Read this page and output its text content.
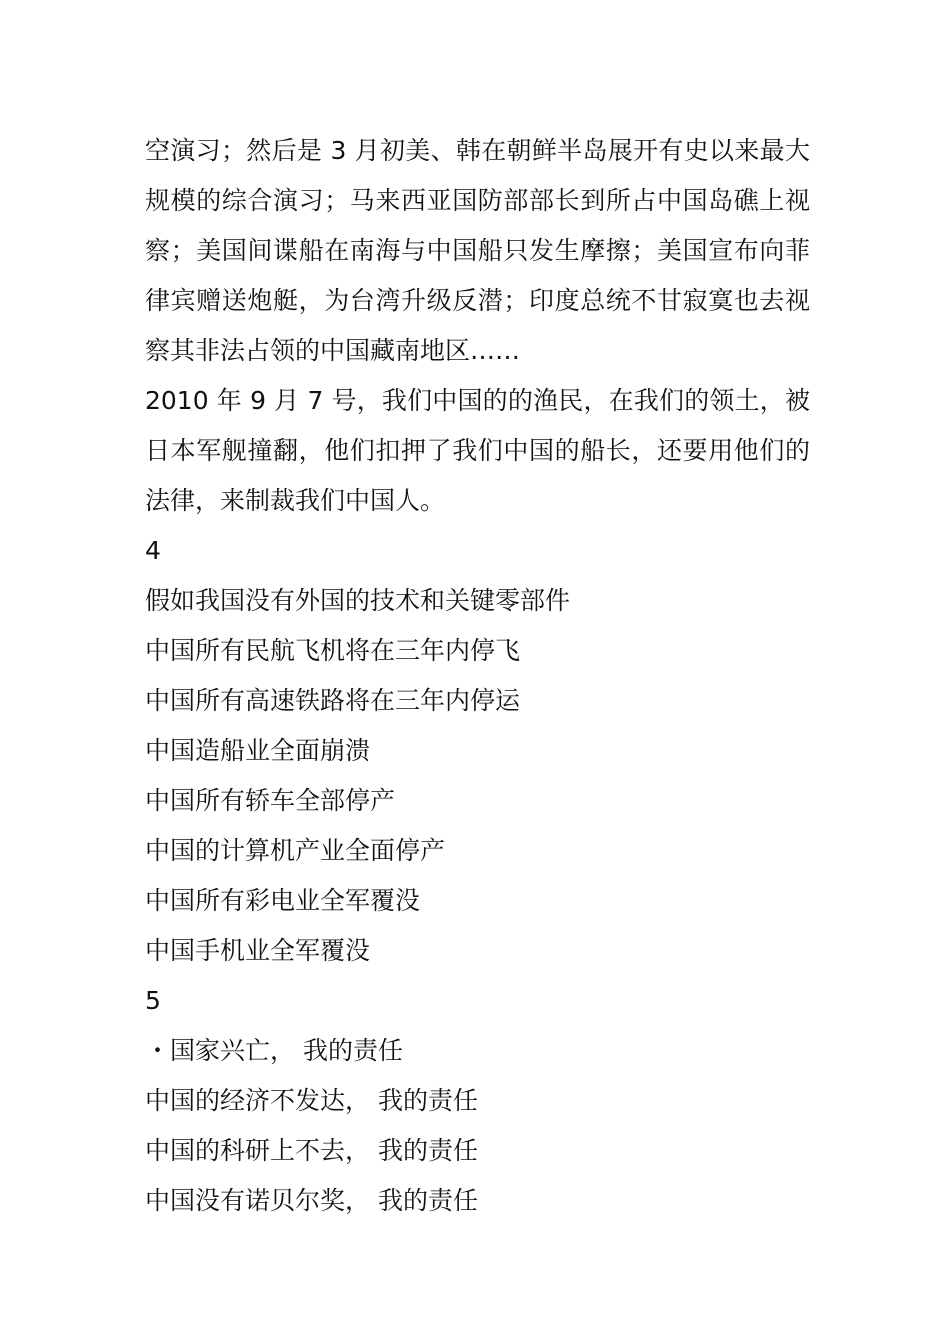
空演习；然后是 3 月初美、韩在朝鲜半岛展开有史以来最大规模的综合演习；马来西亚国防部部长到所占中国岛礁上视察；美国间谍船在南海与中国船只发生摩擦；美国宣布向菲律宾赠送炮艇，为台湾升级反潜；印度总统不甘寂寞也去视察其非法占领的中国藏南地区……

2010 年 9 月 7 号，我们中国的的渔民，在我们的领土，被日本军舰撞翻，他们扣押了我们中国的船长，还要用他们的法律，来制裁我们中国人。

4

假如我国没有外国的技术和关键零部件

中国所有民航飞机将在三年内停飞

中国所有高速铁路将在三年内停运

中国造船业全面崩溃

中国所有轿车全部停产

中国的计算机产业全面停产

中国所有彩电业全军覆没

中国手机业全军覆没

5

・国家兴亡， 我的责任

中国的经济不发达， 我的责任

中国的科研上不去， 我的责任

中国没有诺贝尔奖， 我的责任
